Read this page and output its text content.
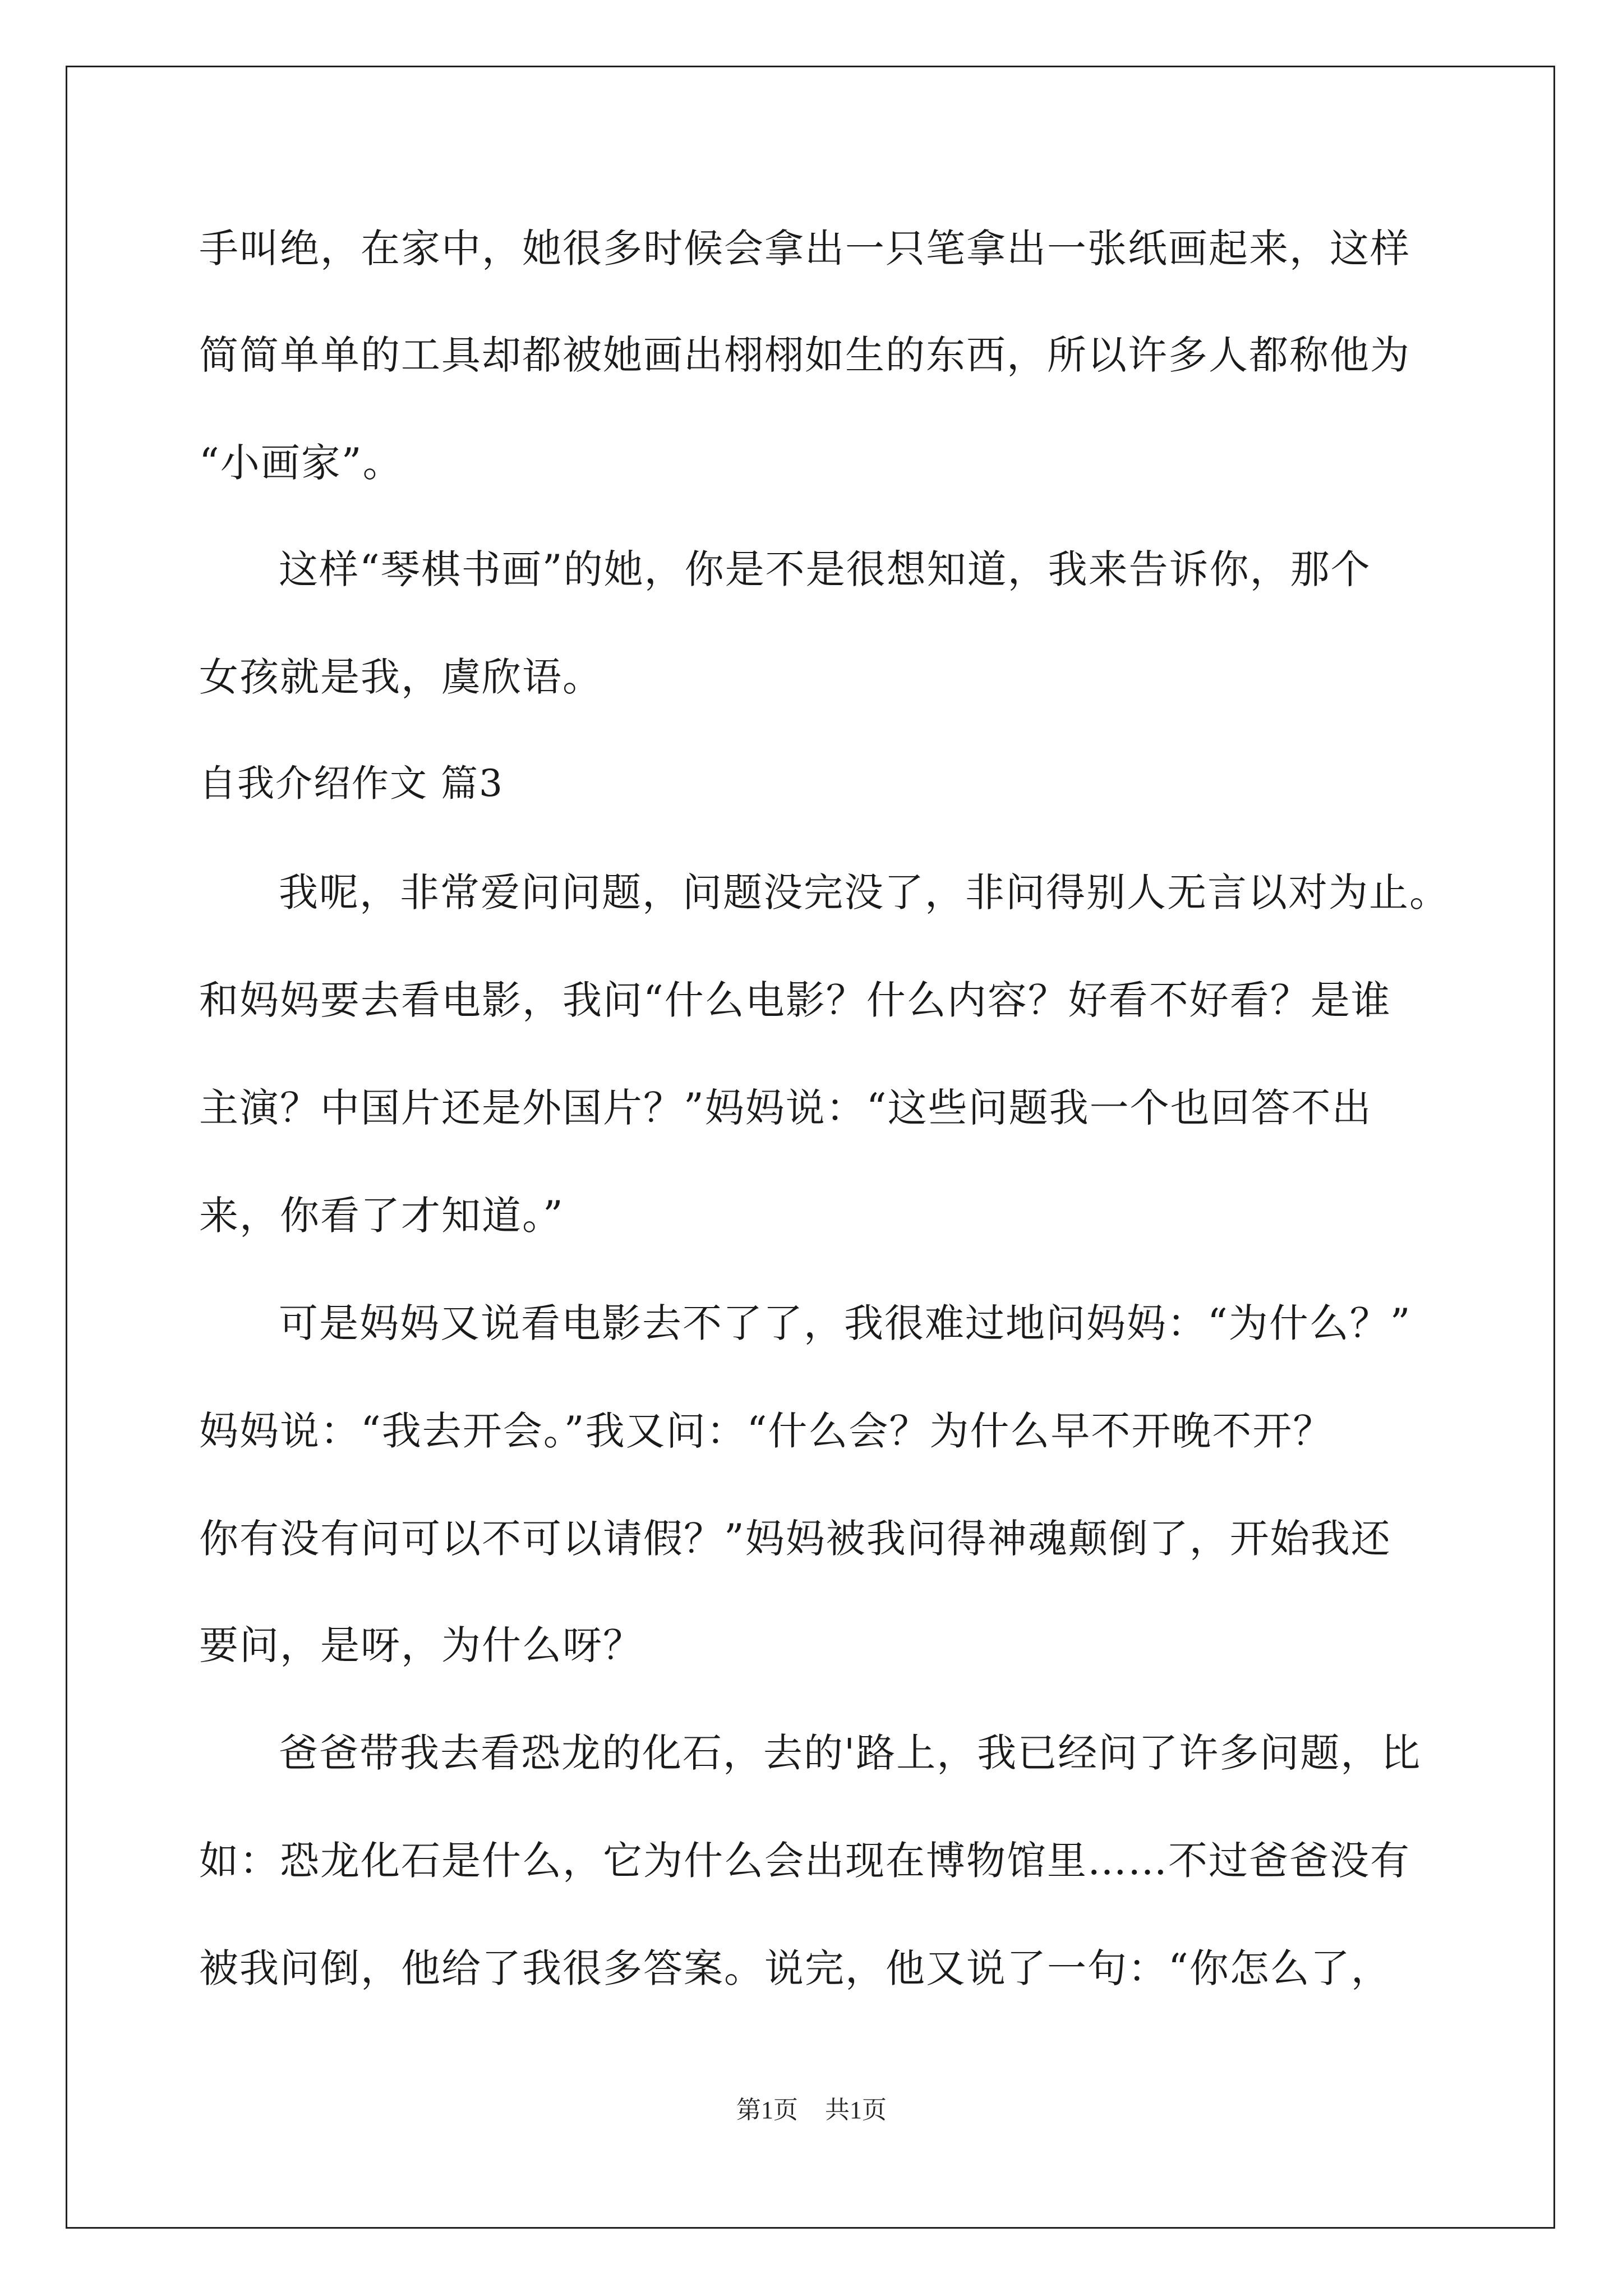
手叫绝，在家中，她很多时候会拿出一只笔拿出一张纸画起来，这样
简简单单的工具却都被她画出栩栩如生的东西，所以许多人都称他为
“小画家”。
这样“琴棋书画”的她，你是不是很想知道，我来告诉你，那个
女孩就是我，虞欣语。
自我介绍作文 篇3
我呢，非常爱问问题，问题没完没了，非问得别人无言以对为止。
和妈妈要去看电影，我问“什么电影？什么内容？好看不好看？是谁
主演？中国片还是外国片？”妈妈说：“这些问题我一个也回答不出
来，你看了才知道。”
可是妈妈又说看电影去不了了，我很难过地问妈妈：“为什么？”
妈妈说：“我去开会。”我又问：“什么会？为什么早不开晚不开？
你有没有问可以不可以请假？”妈妈被我问得神魂颠倒了，开始我还
要问，是呀，为什么呀？
爸爸带我去看恐龙的化石，去的'路上，我已经问了许多问题，比
如：恐龙化石是什么，它为什么会出现在博物馆里……不过爸爸没有
被我问倒，他给了我很多答案。说完，他又说了一句：“你怎么了，
第1页 共1页
